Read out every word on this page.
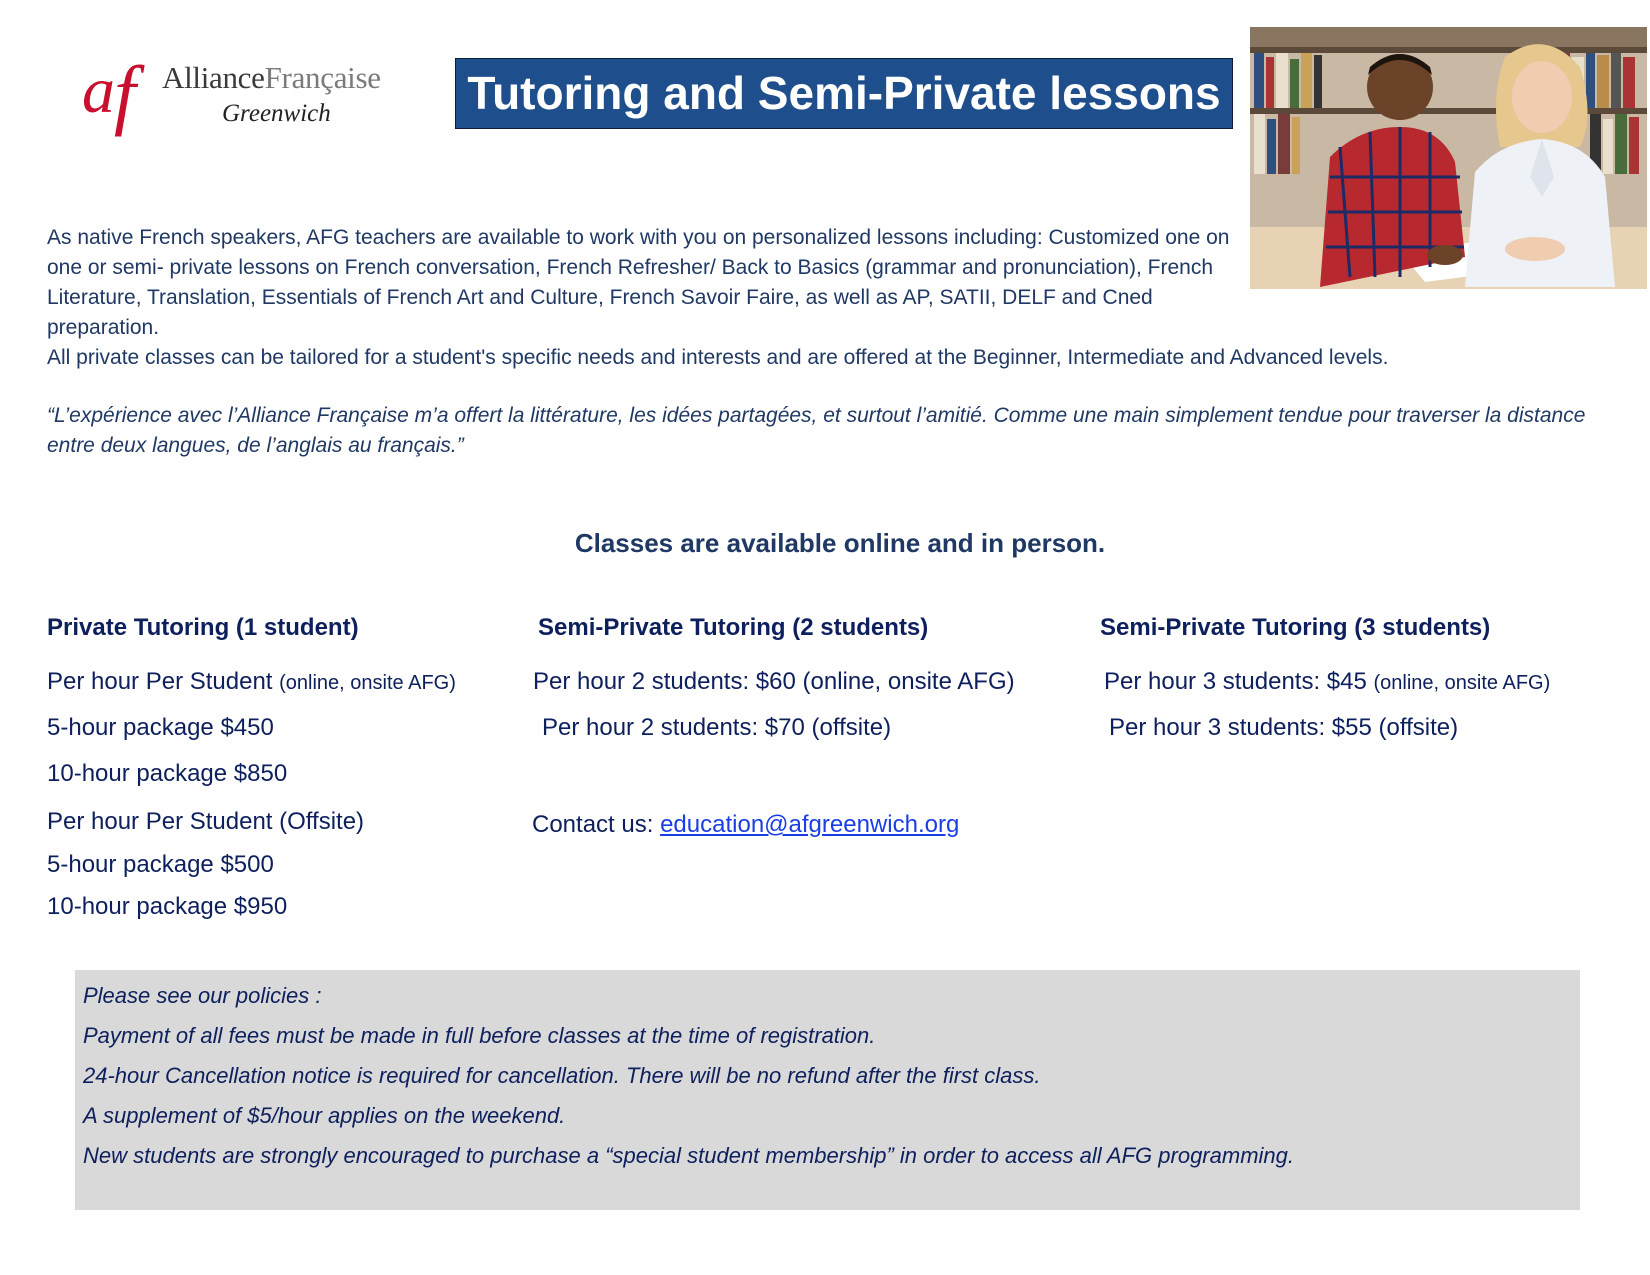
a f AllianceFrançaise
Greenwich	Tutoring and Semi-Private lessons
As native French speakers, AFG teachers are available to work with you on personalized lessons including: Customized one on one or semi- private lessons on French conversation, French Refresher/ Back to Basics (grammar and pronunciation), French Literature, Translation, Essentials of French Art and Culture, French Savoir Faire, as well as AP, SATII, DELF and Cned preparation.
All private classes can be tailored for a student's specific needs and interests and are offered at the Beginner, Intermediate and Advanced levels.
“L’expérience avec l’Alliance Française m’a offert la littérature, les idées partagées, et surtout l’amitié. Comme une main simplement tendue pour traverser la distance entre deux langues, de l’anglais au français.”
Classes are available online and in person.
Private Tutoring (1 student)
Per hour Per Student (online, onsite AFG)
5-hour package $450
10-hour package $850
Per hour Per Student (Offsite)
5-hour package $500
10-hour package $950
Semi-Private Tutoring (2 students)
Per hour 2 students: $60 (online, onsite AFG)
Per hour 2 students: $70 (offsite)
Semi-Private Tutoring (3 students)
Per hour 3 students: $45 (online, onsite AFG)
Per hour 3 students: $55 (offsite)
Contact us: education@afgreenwich.org
Please see our policies :
Payment of all fees must be made in full before classes at the time of registration.
24-hour Cancellation notice is required for cancellation. There will be no refund after the first class.
A supplement of $5/hour applies on the weekend.
New students are strongly encouraged to purchase a “special student membership” in order to access all AFG programming.
